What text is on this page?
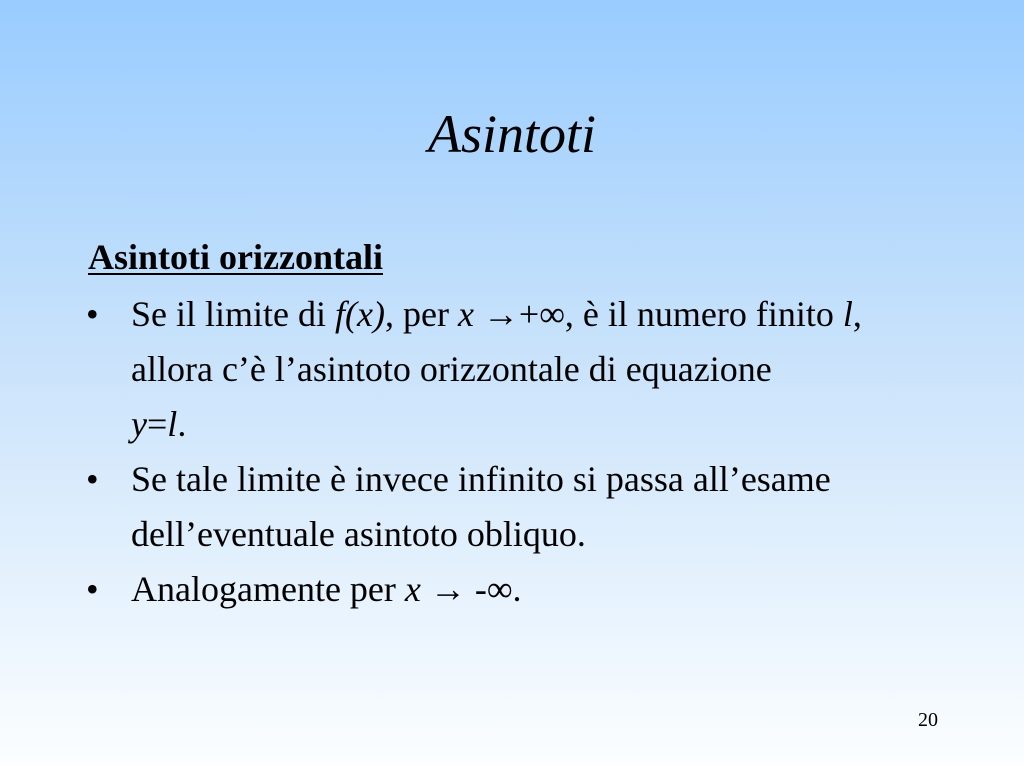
Asintoti
Asintoti orizzontali
• Se il limite di f(x), per x →+∞, è il numero finito l, allora c’è l’asintoto orizzontale di equazione
y=l.
• Se tale limite è invece infinito si passa all’esame dell’eventuale asintoto obliquo.
• Analogamente per x → -∞.
20
